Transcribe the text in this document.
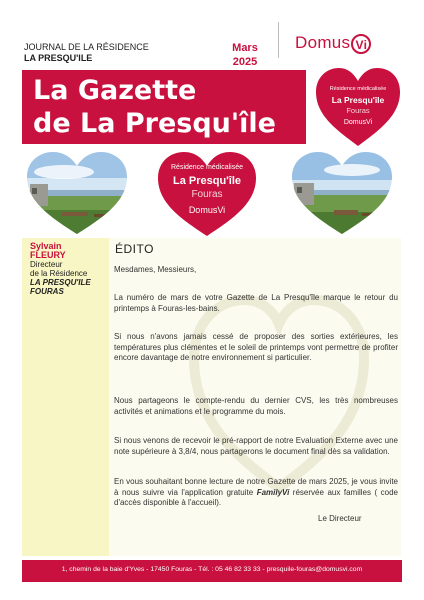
JOURNAL DE LA RÉSIDENCE
LA PRESQU'ILE
Mars
2025
Domus Vi
La Gazette
de La Presqu'île
Résidence médicalisée
La Presqu'île
Fouras
DomusVi
Résidence médicalisée
La Presqu'île
Fouras
DomusVi
Sylvain
FLEURY
Directeur
de la Résidence
LA PRESQU'ILE FOURAS
ÉDITO
Mesdames, Messieurs,
La numéro de mars de votre Gazette de La Presqu'île marque le retour du printemps à Fouras-les-bains.
Si nous n'avons jamais cessé de proposer des sorties extérieures, les températures plus clémentes et le soleil de printemps vont permettre de profiter encore davantage de notre environnement si particulier.
Nous partageons le compte-rendu du dernier CVS, les très nombreuses activités et animations et le programme du mois.
Si nous venons de recevoir le pré-rapport de notre Evaluation Externe avec une note supérieure à 3,8/4, nous partagerons le document final dès sa validation.
En vous souhaitant bonne lecture de notre Gazette de mars 2025, je vous invite à nous suivre via l'application gratuite FamilyVi réservée aux familles ( code d'accès disponible à l'accueil).
Le Directeur
1, chemin de la baie d'Yves - 17450 Fouras - Tél. : 05 46 82 33 33 - presquile-fouras@domusvi.com
